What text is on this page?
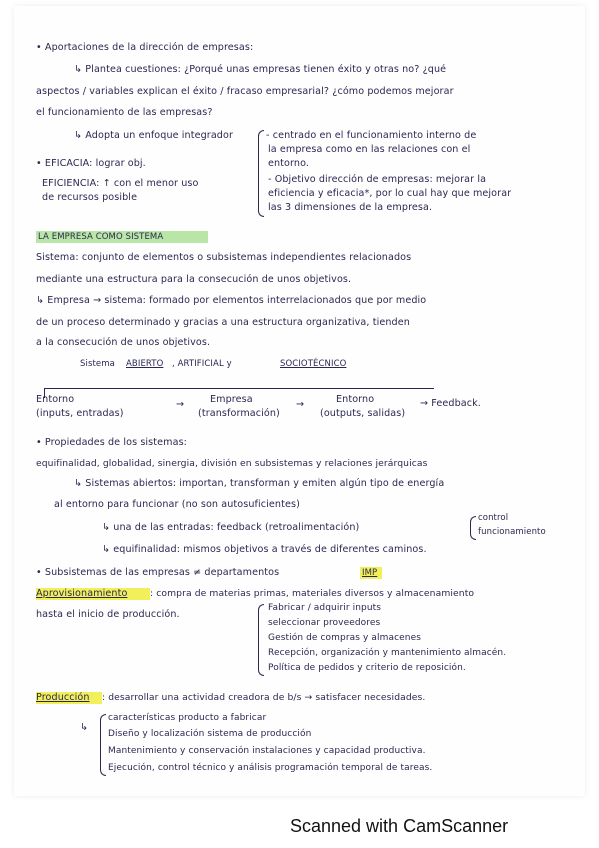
• Aportaciones de la dirección de empresas:
↳ Plantea cuestiones: ¿Porqué unas empresas tienen éxito y otras no? ¿qué
aspectos / variables explican el éxito / fracaso empresarial? ¿cómo podemos mejorar
el funcionamiento de las empresas?
↳ Adopta un enfoque integrador	- centrado en el funcionamiento interno de
la empresa como en las relaciones con el
entorno.
• EFICACIA: lograr obj.
- Objetivo dirección de empresas: mejorar la
EFICIENCIA: ↑ con el menor uso
de recursos posible	eficiencia y eficacia*, por lo cual hay que mejorar
las 3 dimensiones de la empresa.
LA EMPRESA COMO SISTEMA
Sistema: conjunto de elementos o subsistemas independientes relacionados
mediante una estructura para la consecución de unos objetivos.
↳ Empresa → sistema: formado por elementos interrelacionados que por medio
de un proceso determinado y gracias a una estructura organizativa, tienden
a la consecución de unos objetivos.
Sistema ABIERTO , ARTIFICIAL y	SOCIOTÉCNICO
Entorno
(inputs, entradas)
→	Empresa
(transformación)
→	Entorno
(outputs, salidas)
→ Feedback.
• Propiedades de los sistemas:
equifinalidad, globalidad, sinergia, división en subsistemas y relaciones jerárquicas
↳ Sistemas abiertos: importan, transforman y emiten algún tipo de energía
al entorno para funcionar (no son autosuficientes)
↳ una de las entradas: feedback (retroalimentación)
control
funcionamiento
↳ equifinalidad: mismos objetivos a través de diferentes caminos.
• Subsistemas de las empresas ≠ departamentos	IMP
Aprovisionamiento : compra de materias primas, materiales diversos y almacenamiento
hasta el inicio de producción.
Fabricar / adquirir inputs
seleccionar proveedores
Gestión de compras y almacenes
Recepción, organización y mantenimiento almacén.
Política de pedidos y criterio de reposición.
Producción : desarrollar una actividad creadora de b/s → satisfacer necesidades.
↳
características producto a fabricar
Diseño y localización sistema de producción
Mantenimiento y conservación instalaciones y capacidad productiva.
Ejecución, control técnico y análisis programación temporal de tareas.
Scanned with CamScanner
